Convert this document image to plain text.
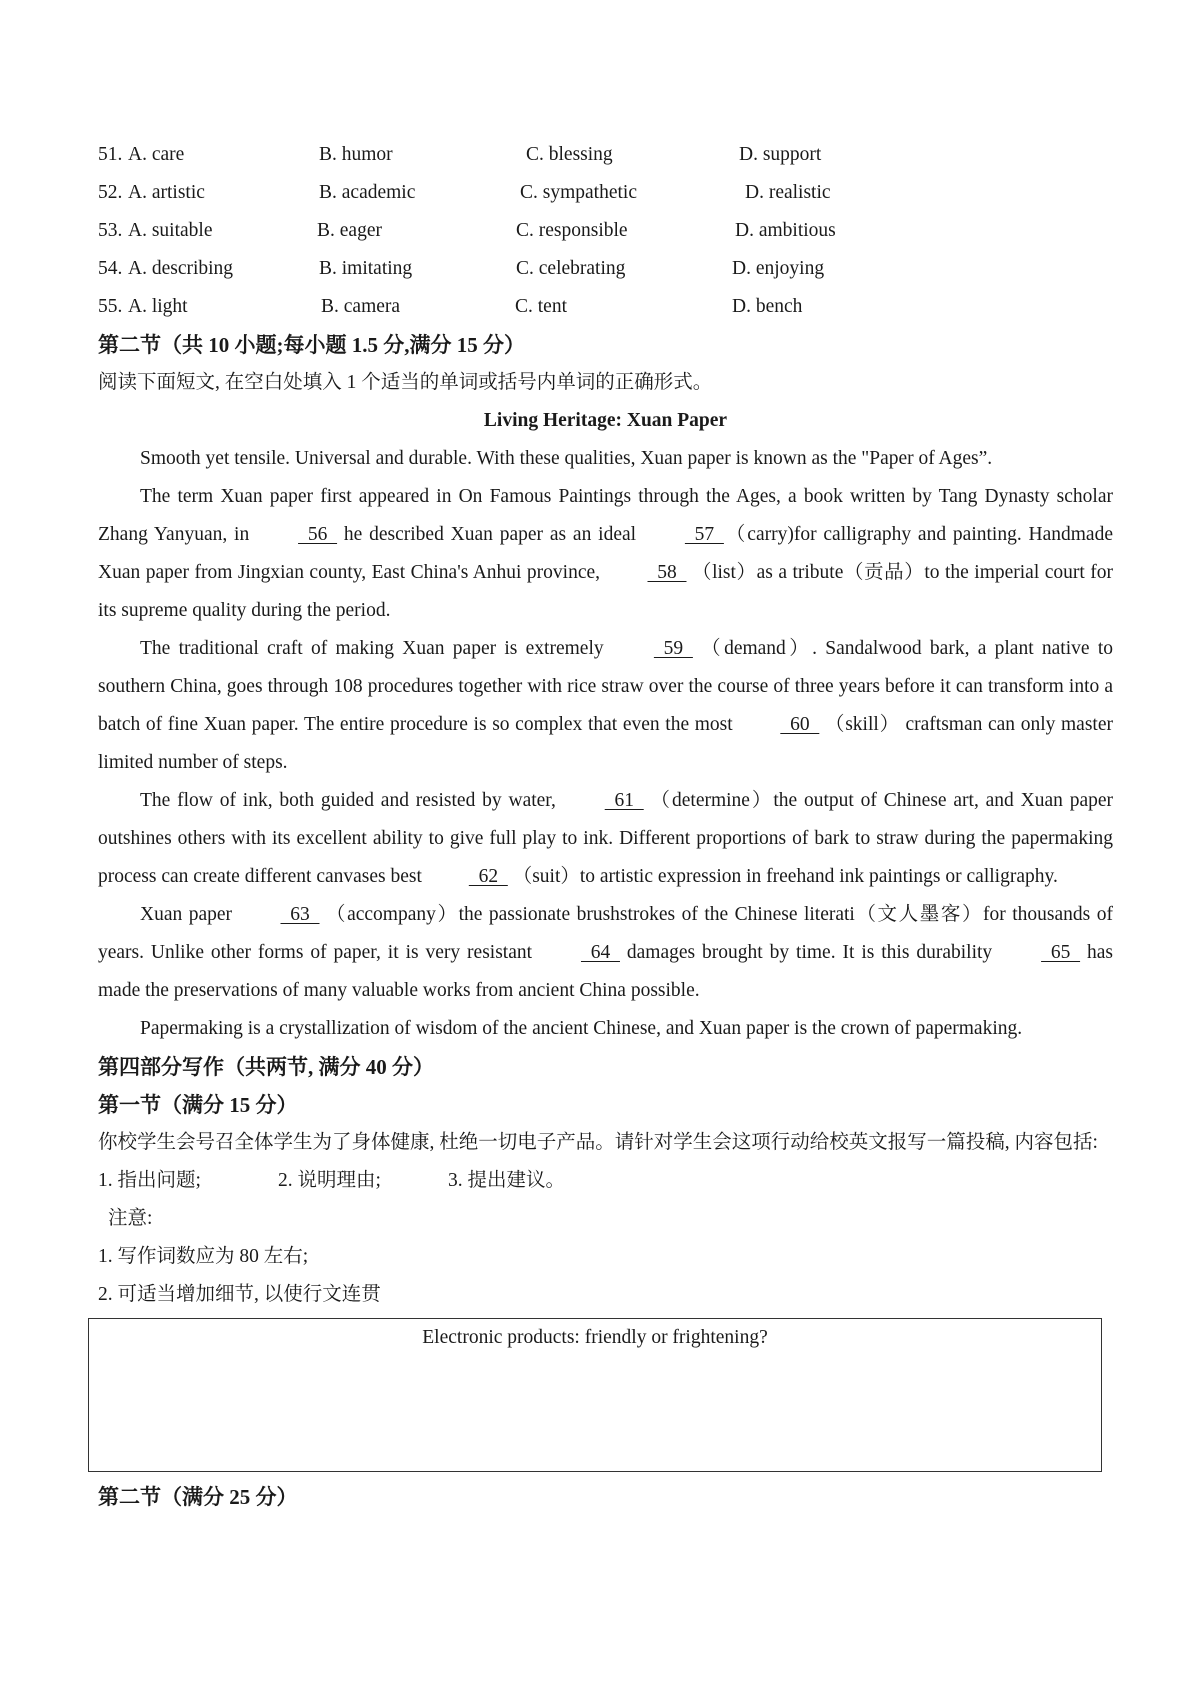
51. A. care	B. humor	C. blessing	D. support
52. A. artistic	B. academic	C. sympathetic	D. realistic
53. A. suitable	B. eager	C. responsible	D. ambitious
54. A. describing	B. imitating	C. celebrating	D. enjoying
55. A. light	B. camera	C. tent	D. bench
第二节（共 10 小题;每小题 1.5 分,满分 15 分）
阅读下面短文, 在空白处填入 1 个适当的单词或括号内单词的正确形式。
Living Heritage: Xuan Paper
Smooth yet tensile. Universal and durable. With these qualities, Xuan paper is known as the "Paper of Ages”.
The term Xuan paper first appeared in On Famous Paintings through the Ages, a book written by Tang Dynasty scholar Zhang Yanyuan, in   56   he described Xuan paper as an ideal   57  （carry)for calligraphy and painting. Handmade Xuan paper from Jingxian county, East China's Anhui province,   58   （list）as a tribute（贡品）to the imperial court for its supreme quality during the period.
The traditional craft of making Xuan paper is extremely   59   （demand）. Sandalwood bark, a plant native to southern China, goes through 108 procedures together with rice straw over the course of three years before it can transform into a batch of fine Xuan paper. The entire procedure is so complex that even the most   60   （skill） craftsman can only master limited number of steps.
The flow of ink, both guided and resisted by water,   61   （determine）the output of Chinese art, and Xuan paper outshines others with its excellent ability to give full play to ink. Different proportions of bark to straw during the papermaking process can create different canvases best   62   （suit）to artistic expression in freehand ink paintings or calligraphy.
Xuan paper   63   （accompany）the passionate brushstrokes of the Chinese literati（文人墨客）for thousands of years. Unlike other forms of paper, it is very resistant   64   damages brought by time. It is this durability   65   has made the preservations of many valuable works from ancient China possible.
Papermaking is a crystallization of wisdom of the ancient Chinese, and Xuan paper is the crown of papermaking.
第四部分写作（共两节, 满分 40 分）
第一节（满分 15 分）
你校学生会号召全体学生为了身体健康, 杜绝一切电子产品。请针对学生会这项行动给校英文报写一篇投稿, 内容包括:
1. 指出问题;	2. 说明理由;	3. 提出建议。
注意:
1. 写作词数应为 80 左右;
2. 可适当增加细节, 以使行文连贯
Electronic products: friendly or frightening?
第二节（满分 25 分）
